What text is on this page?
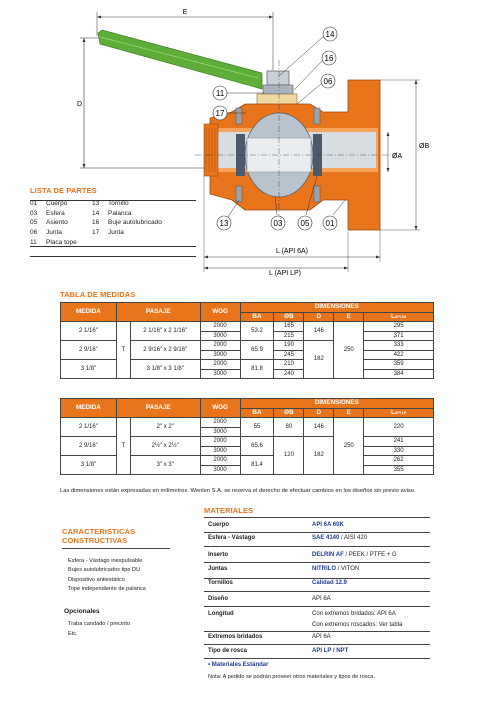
E
D
ØA
ØB
L (API 6A)
L (API LP)
14
16
06
11
17
13	03 05 01
LISTA DE PARTES
01 Cuerpo
03 Esfera
05 Asiento
06 Junta
11 Placa tope
13 Tornillo
14 Palanca
16 Buje autolubricado
17 Junta
TABLA DE MEDIDAS
MEDIDA	PASAJE		WOG	DIMENSIONES				
				BA	ØB	D	E	LAPI 6A
2 1/16"	T	2 1/16" x 2 1/16"	2000	53.2	165	146	250	295
			3000		215			371
2 9/16"		2 9/16" x 2 9/16"	2000	65.9	190	182		333
			3000		245			422
3 1/8"		3 1/8" x 3 1/8"	2000	81.8	210			359
			3000		240			384
MEDIDA	PASAJE		WOG	DIMENSIONES				
				BA	ØB	D	E	LAPI LP
2 1/16"	T	2" x 2"	2000	55	80	146	250	220
			3000					
2 9/16"		2½" x 2½"	2000	65.6	120	182		241
			3000					330
3 1/8"		3" x 3"	2000	81.4				262
			3000					355
Las dimensiones están expresadas en milímetros. Wenlen S.A. se reserva el derecho de efectuar cambios en los diseños sin previo aviso.
CARACTERISTICAS
CONSTRUCTIVAS
Esfera - Vástago inexpulsable
Bujes autolubricados tipo DU
Dispositivo antiestático
Tope independiente de palanca
Opcionales
Traba candado / precinto
Etc.
MATERIALES
Cuerpo	API 6A 60K
Esfera - Vástago	SAE 4140 / AISI 420
Inserto	DELRIN AF / PEEK / PTFE + G
Juntas	NITRILO / VITON
Tornillos	Calidad 12.9
Diseño	API 6A
Longitud	Con extremos bridados: API 6A
Con extremos roscados: Ver tabla
Extremos bridados	API 6A
Tipo de rosca	API LP / NPT
• Materiales Estándar
Nota: A pedido se podrán proveer otros materiales y tipos de rosca.
